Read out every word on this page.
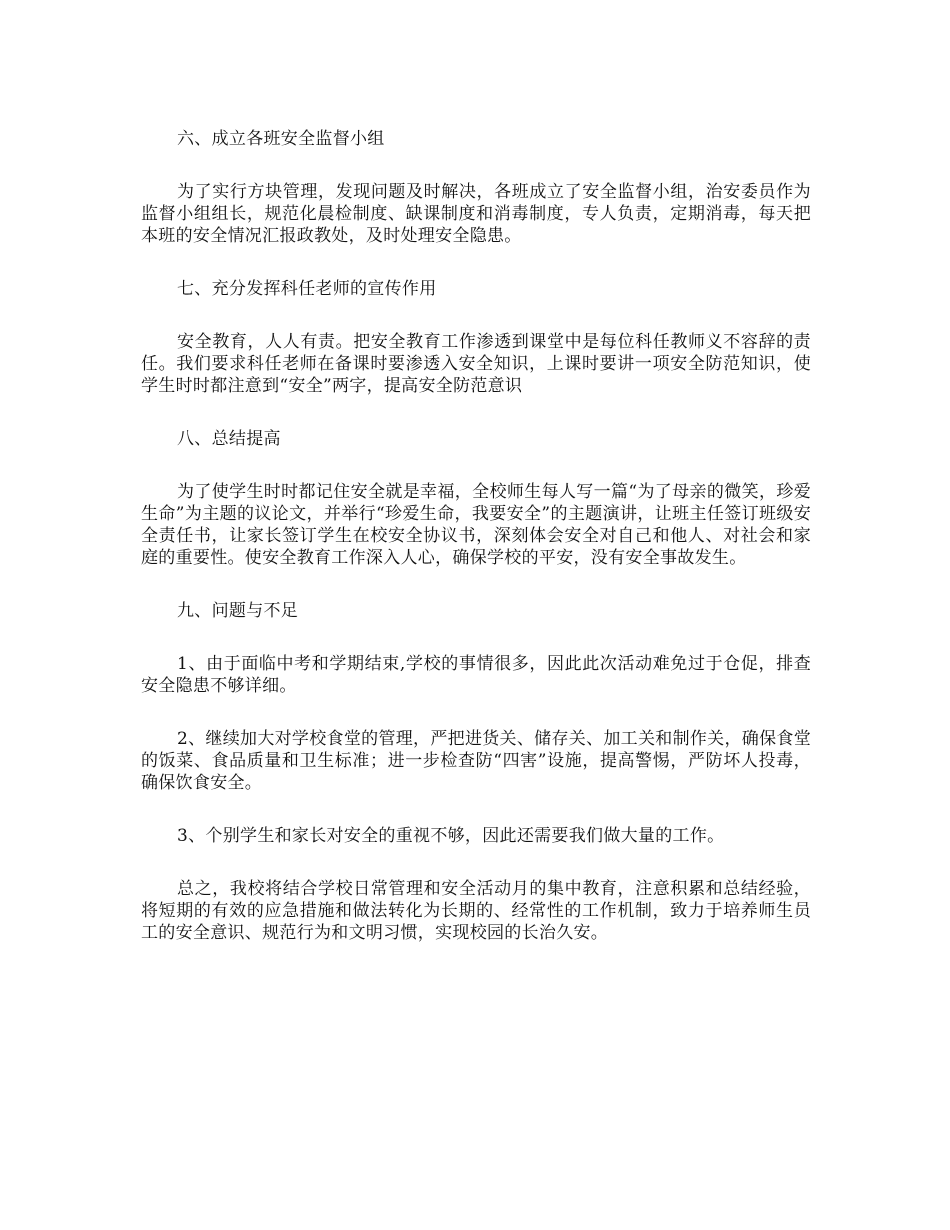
六、成立各班安全监督小组

为了实行方块管理，发现问题及时解决，各班成立了安全监督小组，治安委员作为监督小组组长，规范化晨检制度、缺课制度和消毒制度，专人负责，定期消毒，每天把本班的安全情况汇报政教处，及时处理安全隐患。

七、充分发挥科任老师的宣传作用

安全教育，人人有责。把安全教育工作渗透到课堂中是每位科任教师义不容辞的责任。我们要求科任老师在备课时要渗透入安全知识，上课时要讲一项安全防范知识，使学生时时都注意到“安全”两字，提高安全防范意识

八、总结提高

为了使学生时时都记住安全就是幸福，全校师生每人写一篇“为了母亲的微笑，珍爱生命”为主题的议论文，并举行“珍爱生命，我要安全”的主题演讲，让班主任签订班级安全责任书，让家长签订学生在校安全协议书，深刻体会安全对自己和他人、对社会和家庭的重要性。使安全教育工作深入人心，确保学校的平安，没有安全事故发生。

九、问题与不足

1、由于面临中考和学期结束,学校的事情很多，因此此次活动难免过于仓促，排查安全隐患不够详细。

2、继续加大对学校食堂的管理，严把进货关、储存关、加工关和制作关，确保食堂的饭菜、食品质量和卫生标准；进一步检查防“四害”设施，提高警惕，严防坏人投毒，确保饮食安全。

3、个别学生和家长对安全的重视不够，因此还需要我们做大量的工作。

总之，我校将结合学校日常管理和安全活动月的集中教育，注意积累和总结经验，将短期的有效的应急措施和做法转化为长期的、经常性的工作机制，致力于培养师生员工的安全意识、规范行为和文明习惯，实现校园的长治久安。
